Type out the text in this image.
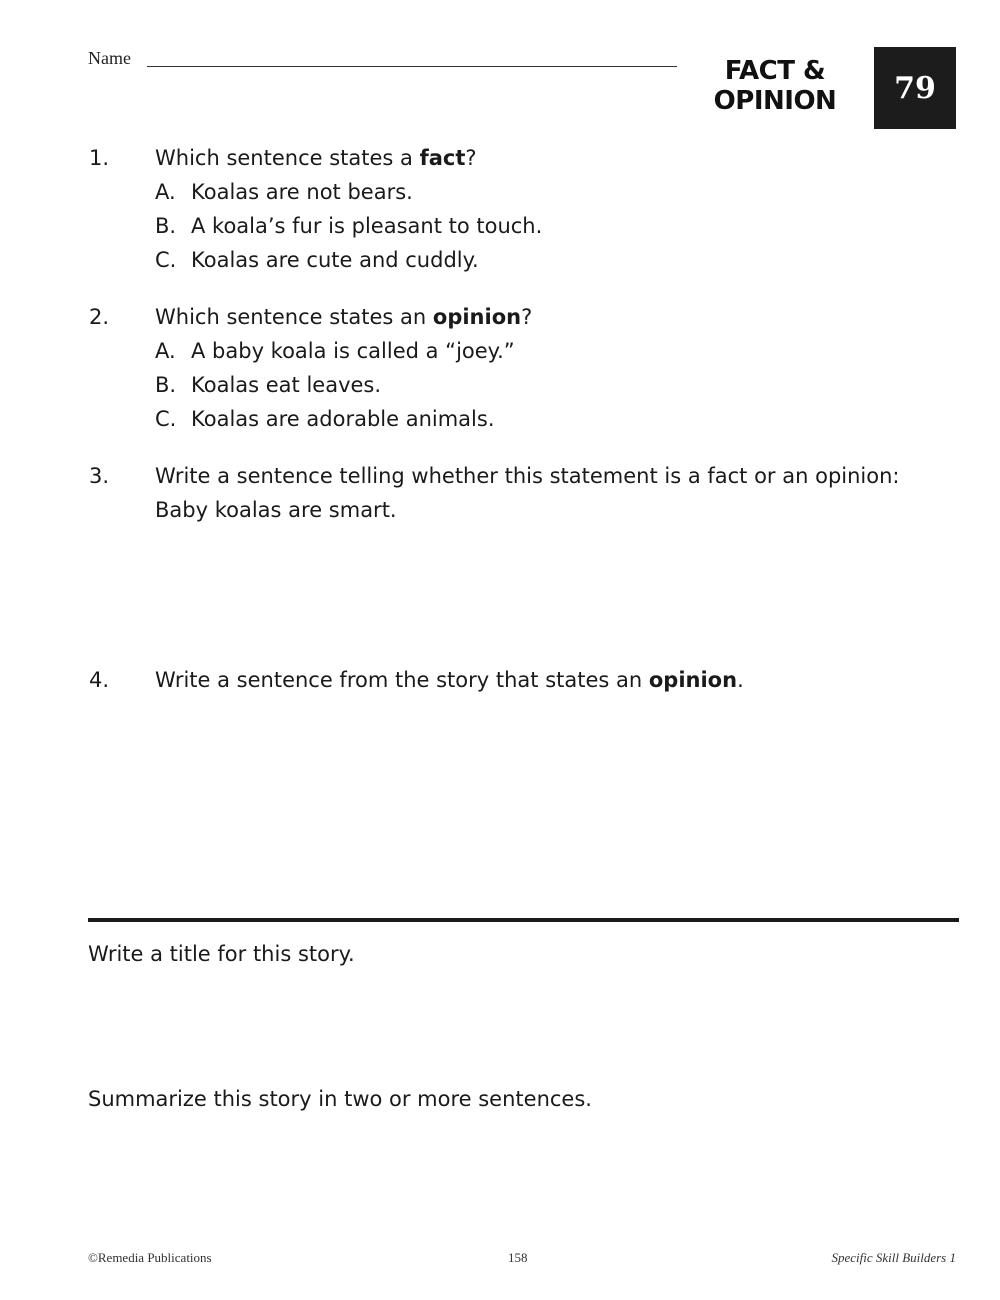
Name	FACT &
OPINION	79
1. Which sentence states a fact?
A. Koalas are not bears.
B. A koala’s fur is pleasant to touch.
C. Koalas are cute and cuddly.
2. Which sentence states an opinion?
A. A baby koala is called a “joey.”
B. Koalas eat leaves.
C. Koalas are adorable animals.
3. Write a sentence telling whether this statement is a fact or an opinion:
Baby koalas are smart.
4. Write a sentence from the story that states an opinion.
Write a title for this story.
Summarize this story in two or more sentences.
©Remedia Publications	158	Specific Skill Builders 1
